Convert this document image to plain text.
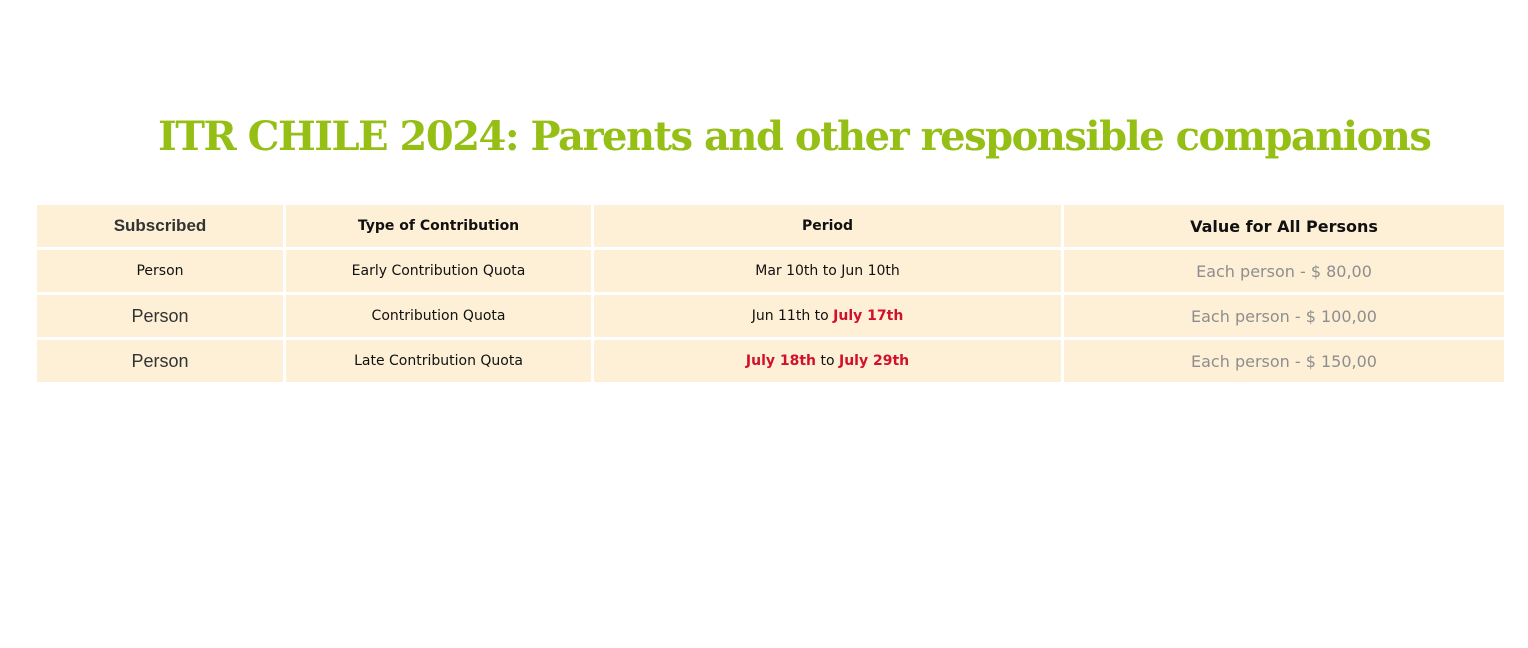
ITR CHILE 2024: Parents and other responsible companions
Subscribed	Type of Contribution	Period	Value for All Persons
Person	Early Contribution Quota	Mar 10th to Jun 10th	Each person - $ 80,00
Person	Contribution Quota	Jun 11th to July 17th	Each person - $ 100,00
Person	Late Contribution Quota	July 18th to July 29th	Each person - $ 150,00
